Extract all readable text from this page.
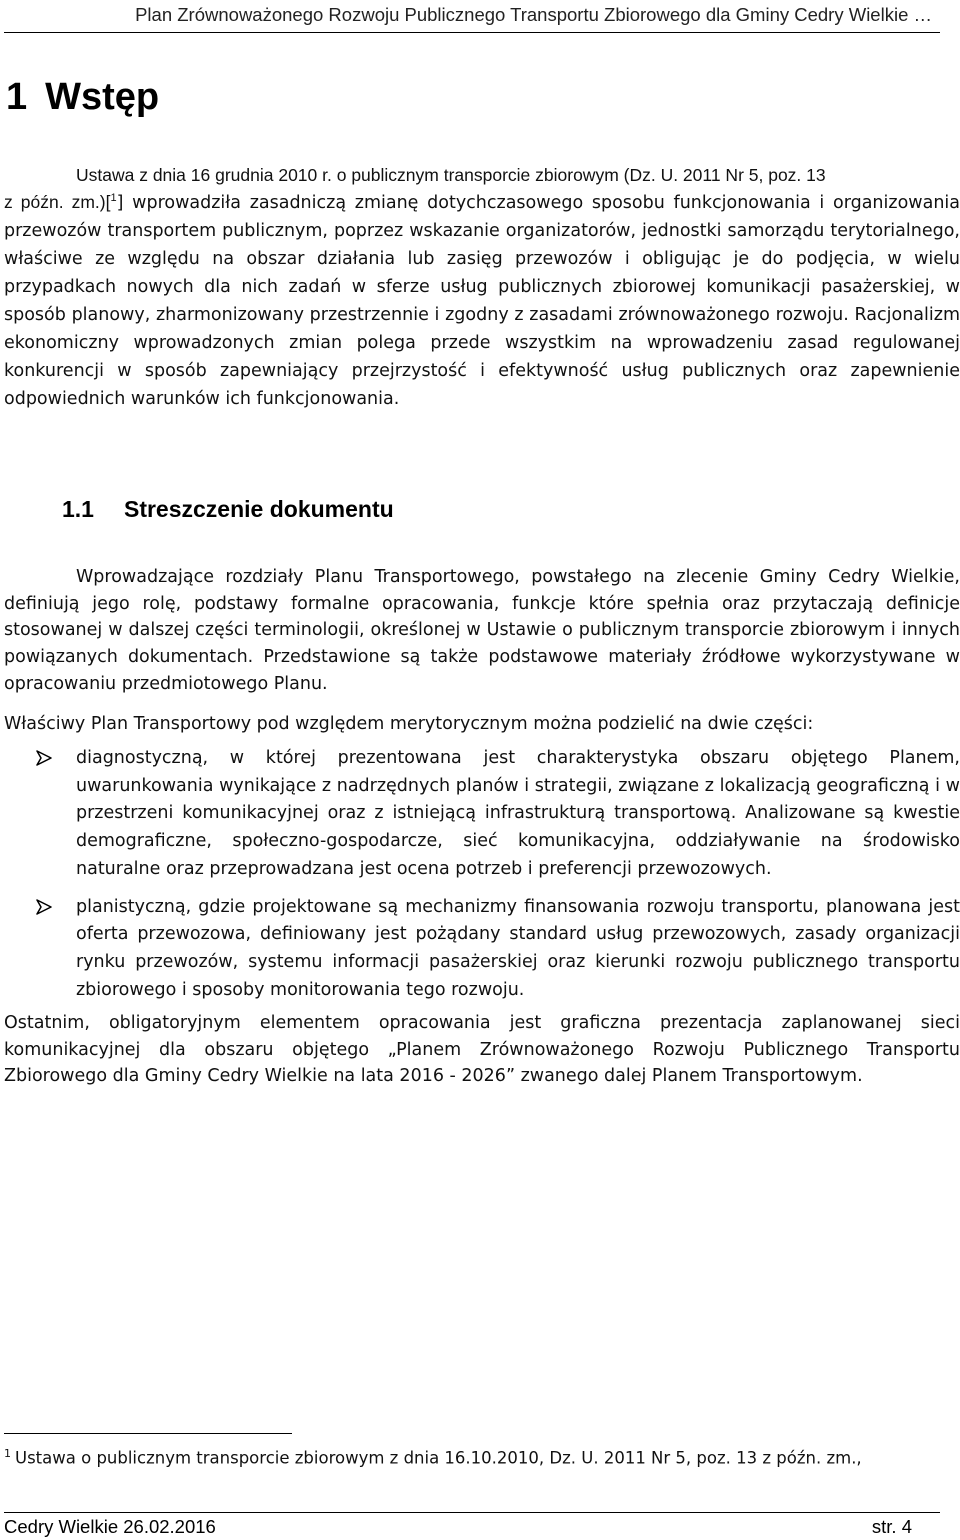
Plan Zrównoważonego Rozwoju Publicznego Transportu Zbiorowego dla Gminy Cedry Wielkie …
1 Wstęp
Ustawa z dnia 16 grudnia 2010 r. o publicznym transporcie zbiorowym (Dz. U. 2011 Nr 5, poz. 13
z późn. zm.)[$^1$] wprowadziła zasadniczą zmianę dotychczasowego sposobu funkcjonowania i organizowania przewozów transportem publicznym, poprzez wskazanie organizatorów, jednostki samorządu terytorialnego, właściwe ze względu na obszar działania lub zasięg przewozów i obligując je do podjęcia, w wielu przypadkach nowych dla nich zadań w sferze usług publicznych zbiorowej komunikacji pasażerskiej, w sposób planowy, zharmonizowany przestrzennie i zgodny z zasadami zrównoważonego rozwoju. Racjonalizm ekonomiczny wprowadzonych zmian polega przede wszystkim na wprowadzeniu zasad regulowanej konkurencji w sposób zapewniający przejrzystość i efektywność usług publicznych oraz zapewnienie odpowiednich warunków ich funkcjonowania.
1.1 Streszczenie dokumentu

Wprowadzające rozdziały Planu Transportowego, powstałego na zlecenie Gminy Cedry Wielkie, definiują jego rolę, podstawy formalne opracowania, funkcje które spełnia oraz przytaczają definicje stosowanej w dalszej części terminologii, określonej w Ustawie o publicznym transporcie zbiorowym i innych powiązanych dokumentach. Przedstawione są także podstawowe materiały źródłowe wykorzystywane w opracowaniu przedmiotowego Planu.

Właściwy Plan Transportowy pod względem merytorycznym można podzielić na dwie części:

diagnostyczną, w której prezentowana jest charakterystyka obszaru objętego Planem, uwarunkowania wynikające z nadrzędnych planów i strategii, związane z lokalizacją geograficzną i w przestrzeni komunikacyjnej oraz z istniejącą infrastrukturą transportową. Analizowane są kwestie demograficzne, społeczno-gospodarcze, sieć komunikacyjna, oddziaływanie na środowisko naturalne oraz przeprowadzana jest ocena potrzeb i preferencji przewozowych.
planistyczną, gdzie projektowane są mechanizmy finansowania rozwoju transportu, planowana jest oferta przewozowa, definiowany jest pożądany standard usług przewozowych, zasady organizacji rynku przewozów, systemu informacji pasażerskiej oraz kierunki rozwoju publicznego transportu zbiorowego i sposoby monitorowania tego rozwoju.

Ostatnim, obligatoryjnym elementem opracowania jest graficzna prezentacja zaplanowanej sieci komunikacyjnej dla obszaru objętego „Planem Zrównoważonego Rozwoju Publicznego Transportu Zbiorowego dla Gminy Cedry Wielkie na lata 2016 - 2026” zwanego dalej Planem Transportowym.

$^1$ Ustawa o publicznym transporcie zbiorowym z dnia 16.10.2010, Dz. U. 2011 Nr 5, poz. 13 z późn. zm.,
Cedry Wielkie 26.02.2016	str. 4
